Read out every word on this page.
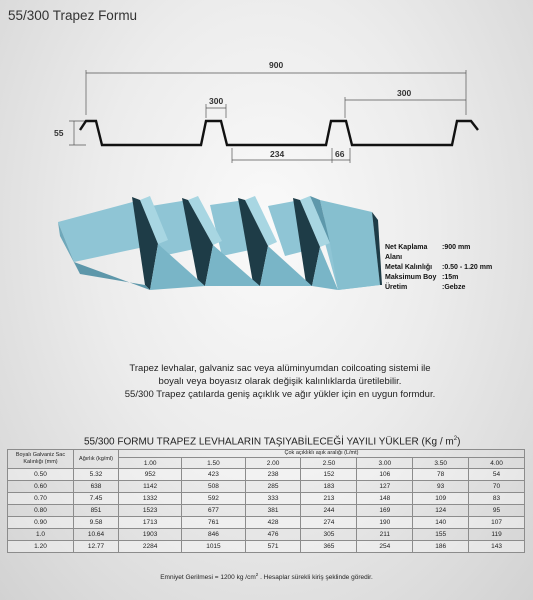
55/300 Trapez Formu
900
300
300
55
234	66
Net Kaplama Alanı
:900 mm
Metal Kalınlığı	:0.50 - 1.20 mm
Maksimum Boy :15m
Üretim	:Gebze
Trapez levhalar, galvaniz sac veya alüminyumdan coilcoating sistemi ile
boyalı veya boyasız olarak değişik kalınlıklarda üretilebilir.
55/300 Trapez çatılarda geniş açıklık ve ağır yükler için en uygun formdur.
55/300 FORMU TRAPEZ LEVHALARIN TAŞIYABİLECEĞİ YAYILI YÜKLER $(Kg / m^2)$
Boyalı Galvaniz Sac Kalınlığı (mm)	Ağırlık (kg/ml)	Çok açıklıklı aşık aralığı (L/mt)						
		1.00	1.50	2.00	2.50	3.00	3.50	4.00
0.50	5.32	952	423	238	152	106	78	54
0.60	638	1142	508	285	183	127	93	70
0.70	7.45	1332	592	333	213	148	109	83
0.80	851	1523	677	381	244	169	124	95
0.90	9.58	1713	761	428	274	190	140	107
1.0	10.64	1903	846	476	305	211	155	119
1.20	12.77	2284	1015	571	365	254	186	143
Emniyet Gerilmesi = 1200 kg $/cm^2$ . Hesaplar sürekli kiriş şeklinde göredir.
